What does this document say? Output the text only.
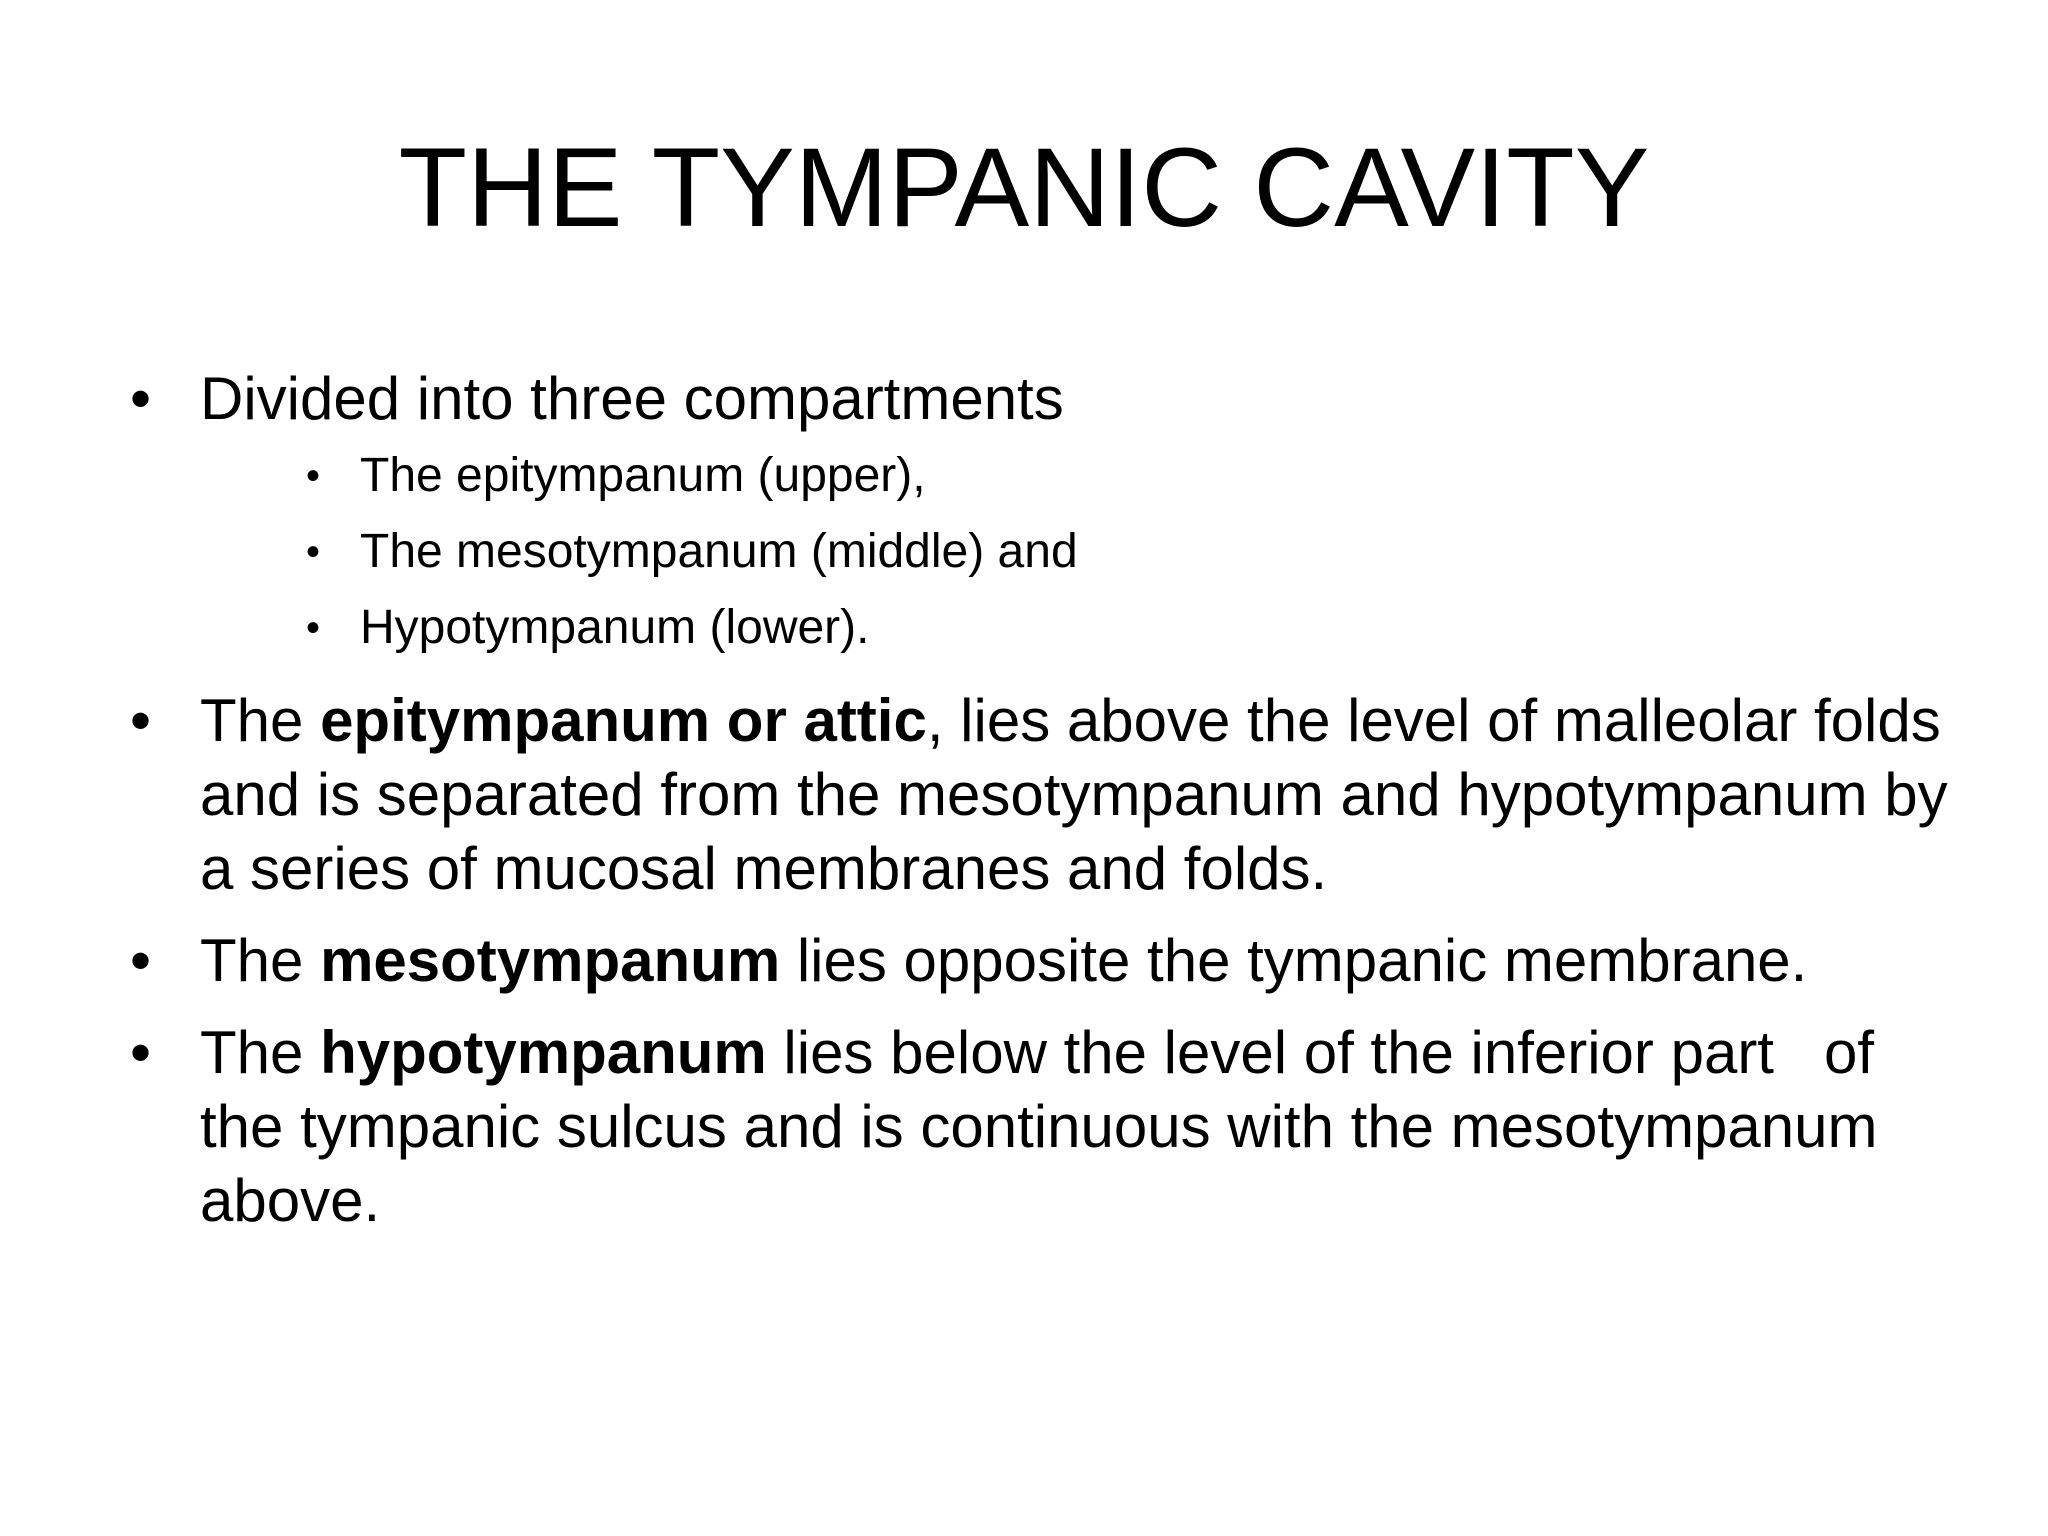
THE TYMPANIC CAVITY
• Divided into three compartments
• The epitympanum (upper),
• The mesotympanum (middle) and
• Hypotympanum (lower).
• The epitympanum or attic, lies above the level of malleolar folds and is separated from the mesotympanum and hypotympanum by a series of mucosal membranes and folds.
• The mesotympanum lies opposite the tympanic membrane.
• The hypotympanum lies below the level of the inferior part   of the tympanic sulcus and is continuous with the mesotympanum above.
